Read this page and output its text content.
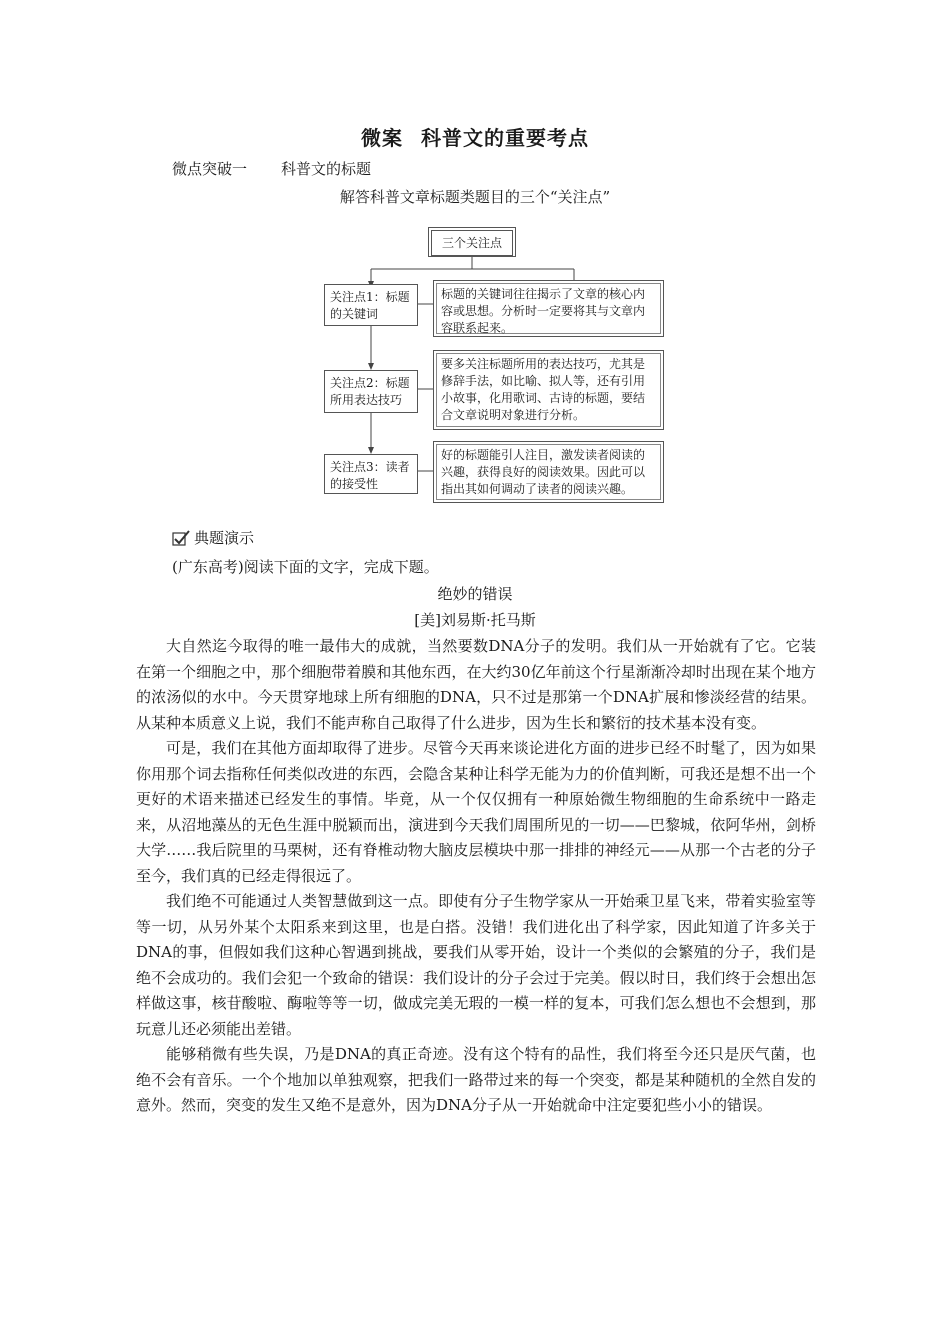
微案 科普文的重要考点
微点突破一 科普文的标题
解答科普文章标题类题目的三个“关注点”
三个关注点
关注点1：标题的关键词
标题的关键词往往揭示了文章的核心内容或思想。分析时一定要将其与文章内容联系起来。
关注点2：标题所用表达技巧
要多关注标题所用的表达技巧，尤其是修辞手法，如比喻、拟人等，还有引用小故事，化用歌词、古诗的标题，要结合文章说明对象进行分析。
关注点3：读者的接受性
好的标题能引人注目，激发读者阅读的兴趣，获得良好的阅读效果。因此可以指出其如何调动了读者的阅读兴趣。
典题演示
(广东高考)阅读下面的文字，完成下题。
绝妙的错误
[美]刘易斯·托马斯

大自然迄今取得的唯一最伟大的成就，当然要数DNA分子的发明。我们从一开始就有了它。它装在第一个细胞之中，那个细胞带着膜和其他东西，在大约30亿年前这个行星渐渐冷却时出现在某个地方的浓汤似的水中。今天贯穿地球上所有细胞的DNA，只不过是那第一个DNA扩展和惨淡经营的结果。从某种本质意义上说，我们不能声称自己取得了什么进步，因为生长和繁衍的技术基本没有变。

可是，我们在其他方面却取得了进步。尽管今天再来谈论进化方面的进步已经不时髦了，因为如果你用那个词去指称任何类似改进的东西，会隐含某种让科学无能为力的价值判断，可我还是想不出一个更好的术语来描述已经发生的事情。毕竟，从一个仅仅拥有一种原始微生物细胞的生命系统中一路走来，从沼地藻丛的无色生涯中脱颖而出，演进到今天我们周围所见的一切——巴黎城，依阿华州，剑桥大学……我后院里的马栗树，还有脊椎动物大脑皮层模块中那一排排的神经元——从那一个古老的分子至今，我们真的已经走得很远了。

我们绝不可能通过人类智慧做到这一点。即使有分子生物学家从一开始乘卫星飞来，带着实验室等等一切，从另外某个太阳系来到这里，也是白搭。没错！我们进化出了科学家，因此知道了许多关于DNA的事，但假如我们这种心智遇到挑战，要我们从零开始，设计一个类似的会繁殖的分子，我们是绝不会成功的。我们会犯一个致命的错误：我们设计的分子会过于完美。假以时日，我们终于会想出怎样做这事，核苷酸啦、酶啦等等一切，做成完美无瑕的一模一样的复本，可我们怎么想也不会想到，那玩意儿还必须能出差错。

能够稍微有些失误，乃是DNA的真正奇迹。没有这个特有的品性，我们将至今还只是厌气菌，也绝不会有音乐。一个个地加以单独观察，把我们一路带过来的每一个突变，都是某种随机的全然自发的意外。然而，突变的发生又绝不是意外，因为DNA分子从一开始就命中注定要犯些小小的错误。
